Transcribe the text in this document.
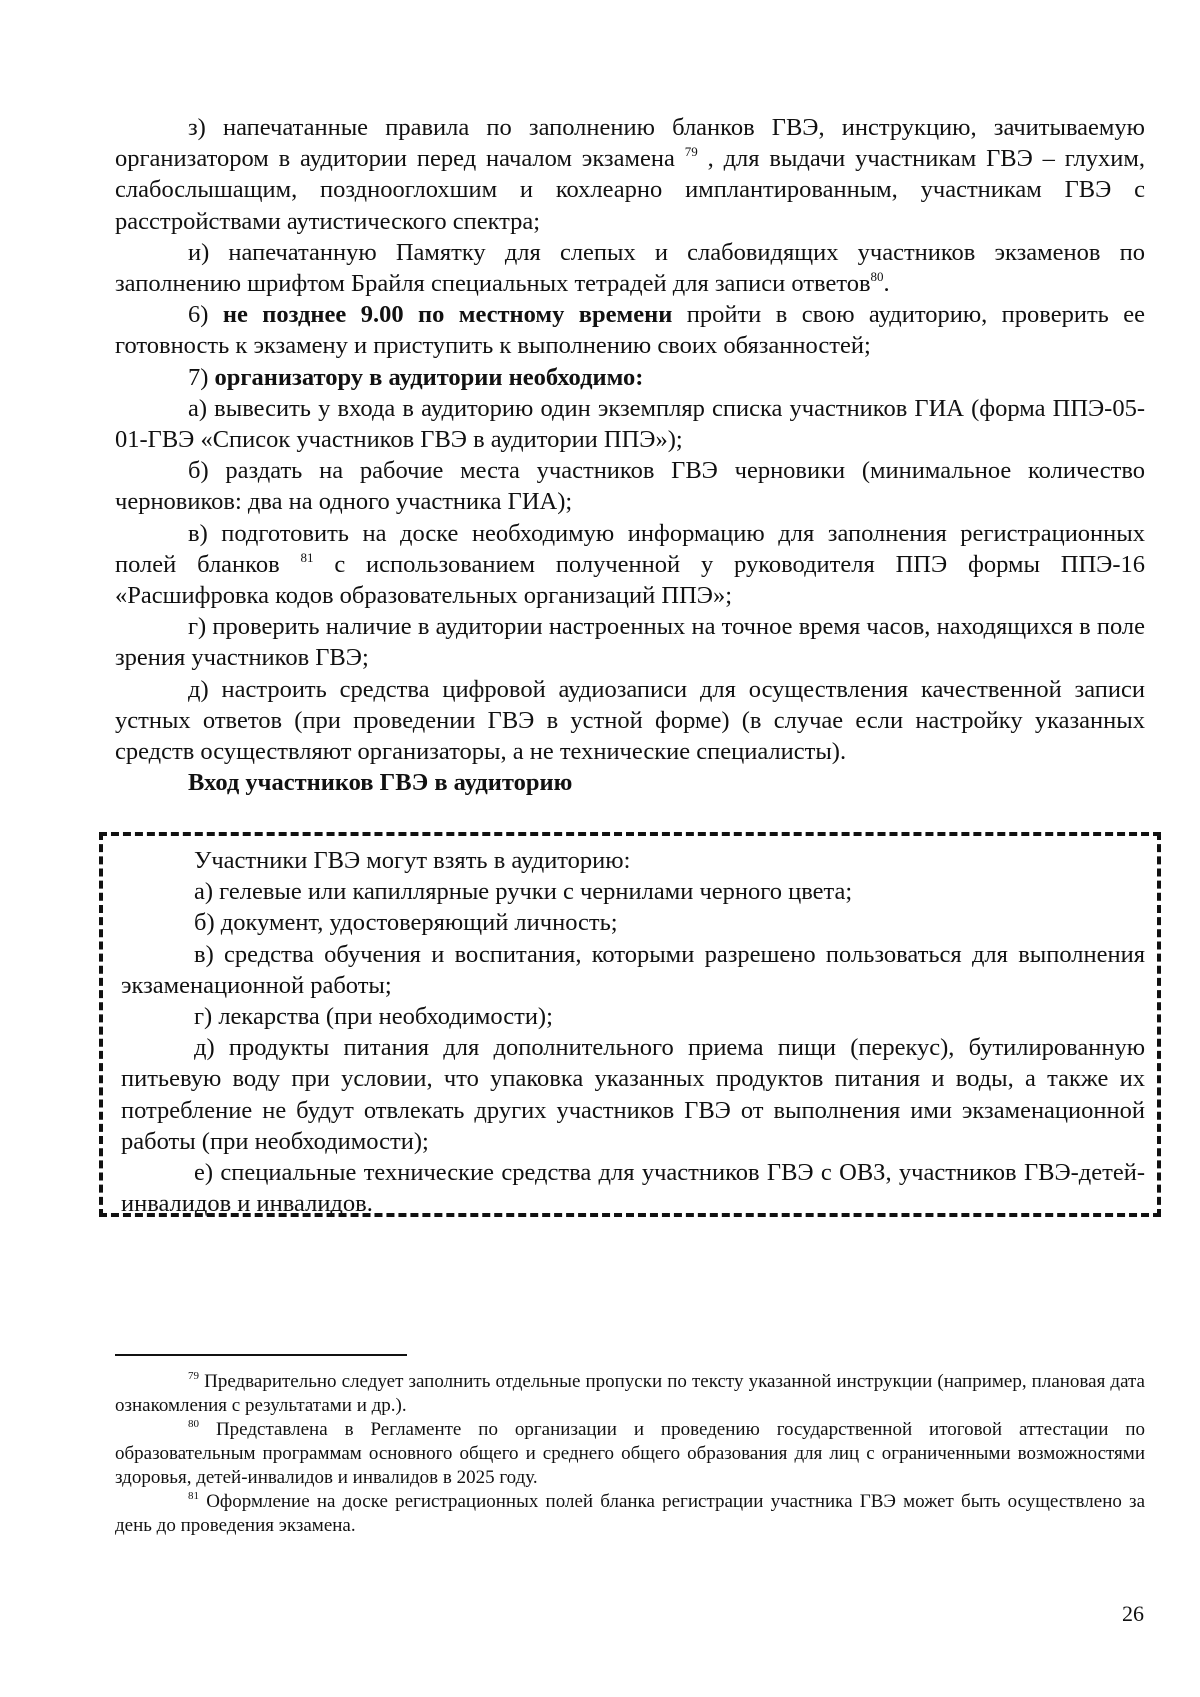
з) напечатанные правила по заполнению бланков ГВЭ, инструкцию, зачитываемую организатором в аудитории перед началом экзамена $^{79}$ , для выдачи участникам ГВЭ – глухим, слабослышащим, позднооглохшим и кохлеарно имплантированным, участникам ГВЭ с расстройствами аутистического спектра;

и) напечатанную Памятку для слепых и слабовидящих участников экзаменов по заполнению шрифтом Брайля специальных тетрадей для записи ответов$^{80}$.

6) не позднее 9.00 по местному времени пройти в свою аудиторию, проверить ее готовность к экзамену и приступить к выполнению своих обязанностей;

7) организатору в аудитории необходимо:

а) вывесить у входа в аудиторию один экземпляр списка участников ГИА (форма ППЭ-05-01-ГВЭ «Список участников ГВЭ в аудитории ППЭ»);

б) раздать на рабочие места участников ГВЭ черновики (минимальное количество черновиков: два на одного участника ГИА);

в) подготовить на доске необходимую информацию для заполнения регистрационных полей бланков $^{81}$ с использованием полученной у руководителя ППЭ формы ППЭ-16 «Расшифровка кодов образовательных организаций ППЭ»;

г) проверить наличие в аудитории настроенных на точное время часов, находящихся в поле зрения участников ГВЭ;

д) настроить средства цифровой аудиозаписи для осуществления качественной записи устных ответов (при проведении ГВЭ в устной форме) (в случае если настройку указанных средств осуществляют организаторы, а не технические специалисты).

Вход участников ГВЭ в аудиторию

Участники ГВЭ могут взять в аудиторию:

а) гелевые или капиллярные ручки с чернилами черного цвета;

б) документ, удостоверяющий личность;

в) средства обучения и воспитания, которыми разрешено пользоваться для выполнения экзаменационной работы;

г) лекарства (при необходимости);

д) продукты питания для дополнительного приема пищи (перекус), бутилированную питьевую воду при условии, что упаковка указанных продуктов питания и воды, а также их потребление не будут отвлекать других участников ГВЭ от выполнения ими экзаменационной работы (при необходимости);

е) специальные технические средства для участников ГВЭ с ОВЗ, участников ГВЭ-детей-инвалидов и инвалидов.

$^{79}$ Предварительно следует заполнить отдельные пропуски по тексту указанной инструкции (например, плановая дата ознакомления с результатами и др.).

$^{80}$ Представлена в Регламенте по организации и проведению государственной итоговой аттестации по образовательным программам основного общего и среднего общего образования для лиц с ограниченными возможностями здоровья, детей-инвалидов и инвалидов в 2025 году.

$^{81}$ Оформление на доске регистрационных полей бланка регистрации участника ГВЭ может быть осуществлено за день до проведения экзамена.

26
